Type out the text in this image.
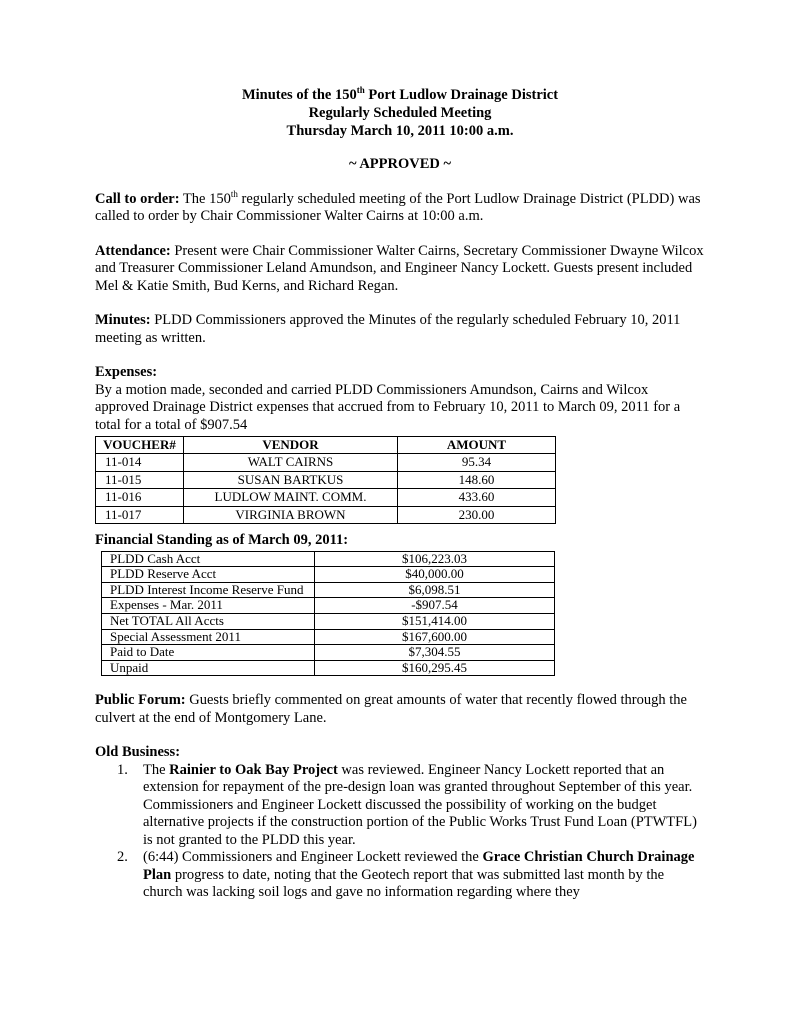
Minutes of the 150th Port Ludlow Drainage District
Regularly Scheduled Meeting
Thursday March 10, 2011 10:00 a.m.
~ APPROVED ~

Call to order: The 150th regularly scheduled meeting of the Port Ludlow Drainage District (PLDD) was called to order by Chair Commissioner Walter Cairns at 10:00 a.m.

Attendance: Present were Chair Commissioner Walter Cairns, Secretary Commissioner Dwayne Wilcox and Treasurer Commissioner Leland Amundson, and Engineer Nancy Lockett. Guests present included Mel & Katie Smith, Bud Kerns, and Richard Regan.

Minutes: PLDD Commissioners approved the Minutes of the regularly scheduled February 10, 2011 meeting as written.

Expenses:

By a motion made, seconded and carried PLDD Commissioners Amundson, Cairns and Wilcox approved Drainage District expenses that accrued from to February 10, 2011 to March 09, 2011 for a total for a total of $907.54

VOUCHER#	VENDOR	AMOUNT
11-014	WALT CAIRNS	95.34
11-015	SUSAN BARTKUS	148.60
11-016	LUDLOW MAINT. COMM.	433.60
11-017	VIRGINIA BROWN	230.00
Financial Standing as of March 09, 2011:
PLDD Cash Acct	$106,223.03
PLDD Reserve Acct	$40,000.00
PLDD Interest Income Reserve Fund	$6,098.51
Expenses - Mar. 2011	-$907.54
Net TOTAL All Accts	$151,414.00
Special Assessment 2011	$167,600.00
Paid to Date	$7,304.55
Unpaid	$160,295.45

Public Forum: Guests briefly commented on great amounts of water that recently flowed through the culvert at the end of Montgomery Lane.

Old Business:

1.	The Rainier to Oak Bay Project was reviewed. Engineer Nancy Lockett reported that an extension for repayment of the pre-design loan was granted throughout September of this year. Commissioners and Engineer Lockett discussed the possibility of working on the budget alternative projects if the construction portion of the Public Works Trust Fund Loan (PTWTFL) is not granted to the PLDD this year.
2.	(6:44) Commissioners and Engineer Lockett reviewed the Grace Christian Church Drainage Plan progress to date, noting that the Geotech report that was submitted last month by the church was lacking soil logs and gave no information regarding where they
